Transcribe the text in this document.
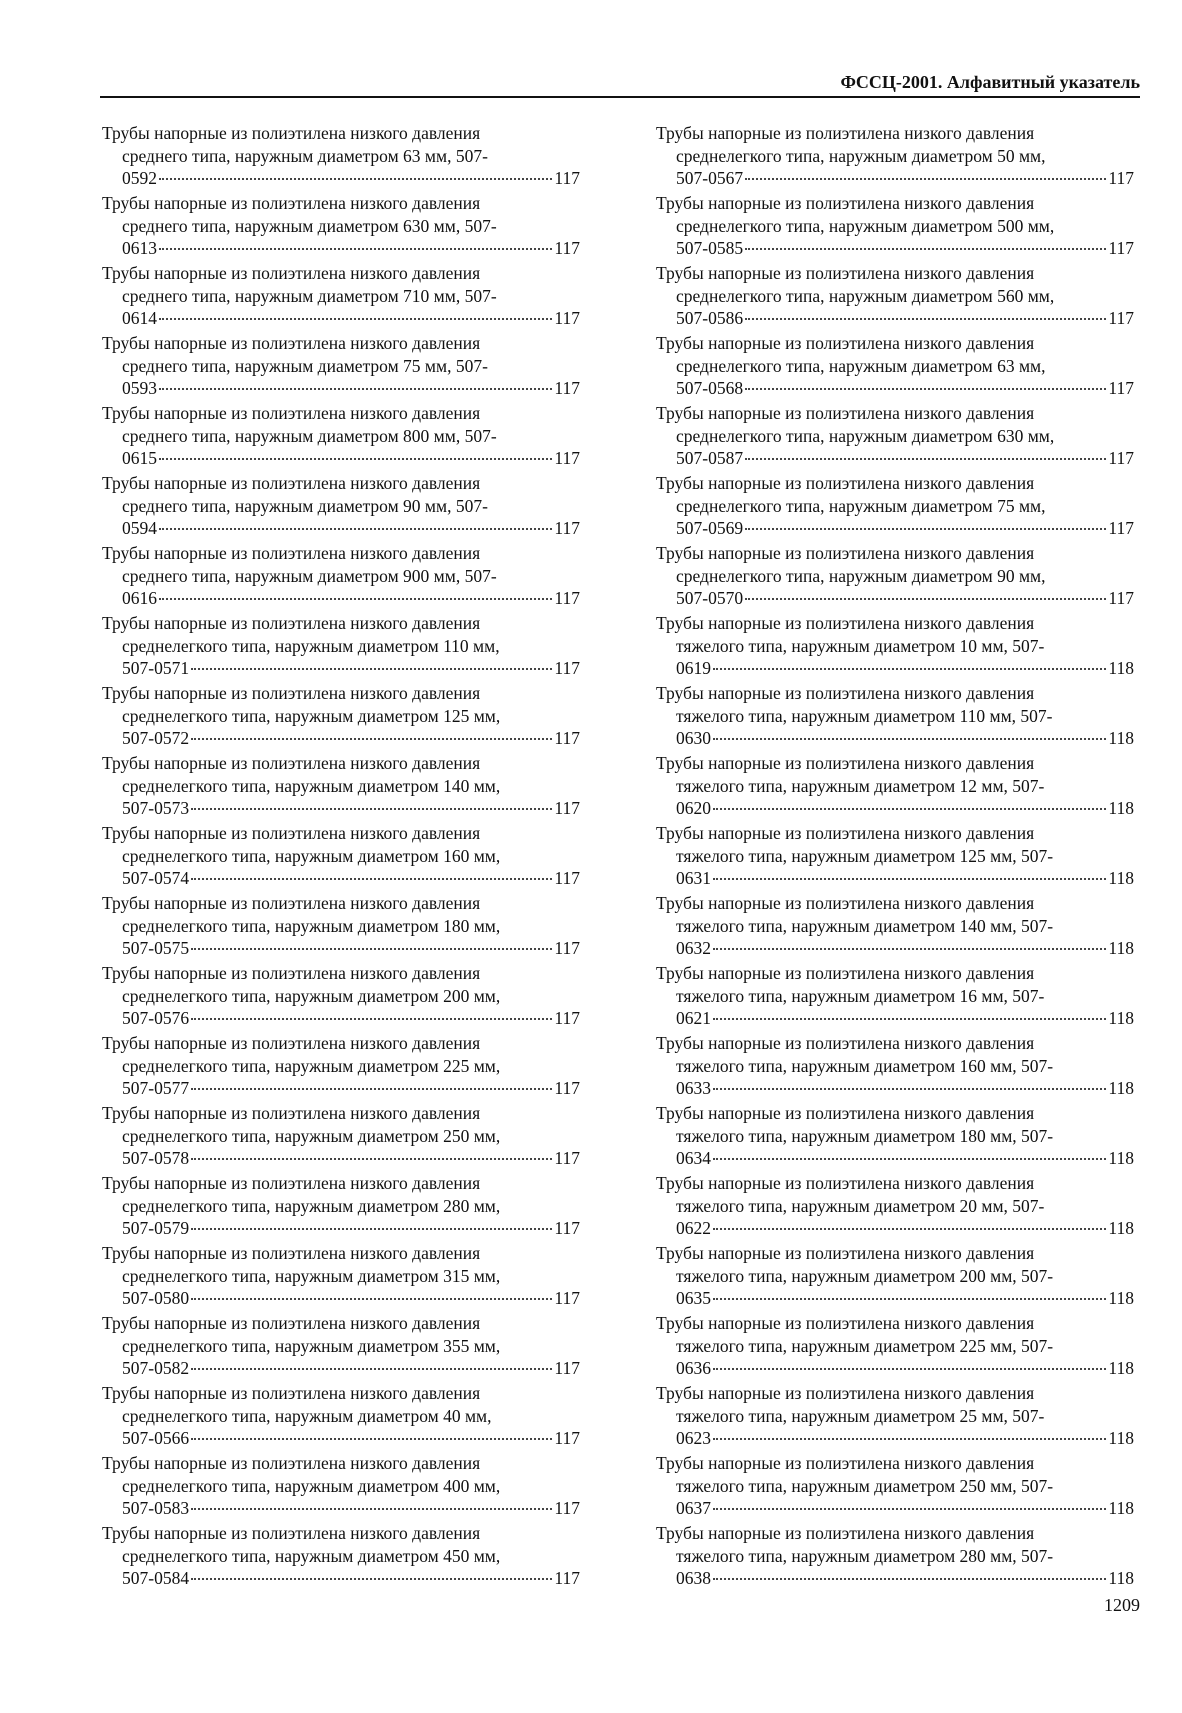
ФССЦ-2001. Алфавитный указатель
Трубы напорные из полиэтилена низкого давления
среднего типа, наружным диаметром 63 мм, 507-
0592	117
Трубы напорные из полиэтилена низкого давления
среднего типа, наружным диаметром 630 мм, 507-
0613	117
Трубы напорные из полиэтилена низкого давления
среднего типа, наружным диаметром 710 мм, 507-
0614	117
Трубы напорные из полиэтилена низкого давления
среднего типа, наружным диаметром 75 мм, 507-
0593	117
Трубы напорные из полиэтилена низкого давления
среднего типа, наружным диаметром 800 мм, 507-
0615	117
Трубы напорные из полиэтилена низкого давления
среднего типа, наружным диаметром 90 мм, 507-
0594	117
Трубы напорные из полиэтилена низкого давления
среднего типа, наружным диаметром 900 мм, 507-
0616	117
Трубы напорные из полиэтилена низкого давления
среднелегкого типа, наружным диаметром 110 мм,
507-0571	117
Трубы напорные из полиэтилена низкого давления
среднелегкого типа, наружным диаметром 125 мм,
507-0572	117
Трубы напорные из полиэтилена низкого давления
среднелегкого типа, наружным диаметром 140 мм,
507-0573	117
Трубы напорные из полиэтилена низкого давления
среднелегкого типа, наружным диаметром 160 мм,
507-0574	117
Трубы напорные из полиэтилена низкого давления
среднелегкого типа, наружным диаметром 180 мм,
507-0575	117
Трубы напорные из полиэтилена низкого давления
среднелегкого типа, наружным диаметром 200 мм,
507-0576	117
Трубы напорные из полиэтилена низкого давления
среднелегкого типа, наружным диаметром 225 мм,
507-0577	117
Трубы напорные из полиэтилена низкого давления
среднелегкого типа, наружным диаметром 250 мм,
507-0578	117
Трубы напорные из полиэтилена низкого давления
среднелегкого типа, наружным диаметром 280 мм,
507-0579	117
Трубы напорные из полиэтилена низкого давления
среднелегкого типа, наружным диаметром 315 мм,
507-0580	117
Трубы напорные из полиэтилена низкого давления
среднелегкого типа, наружным диаметром 355 мм,
507-0582	117
Трубы напорные из полиэтилена низкого давления
среднелегкого типа, наружным диаметром 40 мм,
507-0566	117
Трубы напорные из полиэтилена низкого давления
среднелегкого типа, наружным диаметром 400 мм,
507-0583	117
Трубы напорные из полиэтилена низкого давления
среднелегкого типа, наружным диаметром 450 мм,
507-0584	117
Трубы напорные из полиэтилена низкого давления
среднелегкого типа, наружным диаметром 50 мм,
507-0567	117
Трубы напорные из полиэтилена низкого давления
среднелегкого типа, наружным диаметром 500 мм,
507-0585	117
Трубы напорные из полиэтилена низкого давления
среднелегкого типа, наружным диаметром 560 мм,
507-0586	117
Трубы напорные из полиэтилена низкого давления
среднелегкого типа, наружным диаметром 63 мм,
507-0568	117
Трубы напорные из полиэтилена низкого давления
среднелегкого типа, наружным диаметром 630 мм,
507-0587	117
Трубы напорные из полиэтилена низкого давления
среднелегкого типа, наружным диаметром 75 мм,
507-0569	117
Трубы напорные из полиэтилена низкого давления
среднелегкого типа, наружным диаметром 90 мм,
507-0570	117
Трубы напорные из полиэтилена низкого давления
тяжелого типа, наружным диаметром 10 мм, 507-
0619	118
Трубы напорные из полиэтилена низкого давления
тяжелого типа, наружным диаметром 110 мм, 507-
0630	118
Трубы напорные из полиэтилена низкого давления
тяжелого типа, наружным диаметром 12 мм, 507-
0620	118
Трубы напорные из полиэтилена низкого давления
тяжелого типа, наружным диаметром 125 мм, 507-
0631	118
Трубы напорные из полиэтилена низкого давления
тяжелого типа, наружным диаметром 140 мм, 507-
0632	118
Трубы напорные из полиэтилена низкого давления
тяжелого типа, наружным диаметром 16 мм, 507-
0621	118
Трубы напорные из полиэтилена низкого давления
тяжелого типа, наружным диаметром 160 мм, 507-
0633	118
Трубы напорные из полиэтилена низкого давления
тяжелого типа, наружным диаметром 180 мм, 507-
0634	118
Трубы напорные из полиэтилена низкого давления
тяжелого типа, наружным диаметром 20 мм, 507-
0622	118
Трубы напорные из полиэтилена низкого давления
тяжелого типа, наружным диаметром 200 мм, 507-
0635	118
Трубы напорные из полиэтилена низкого давления
тяжелого типа, наружным диаметром 225 мм, 507-
0636	118
Трубы напорные из полиэтилена низкого давления
тяжелого типа, наружным диаметром 25 мм, 507-
0623	118
Трубы напорные из полиэтилена низкого давления
тяжелого типа, наружным диаметром 250 мм, 507-
0637	118
Трубы напорные из полиэтилена низкого давления
тяжелого типа, наружным диаметром 280 мм, 507-
0638	118
1209
